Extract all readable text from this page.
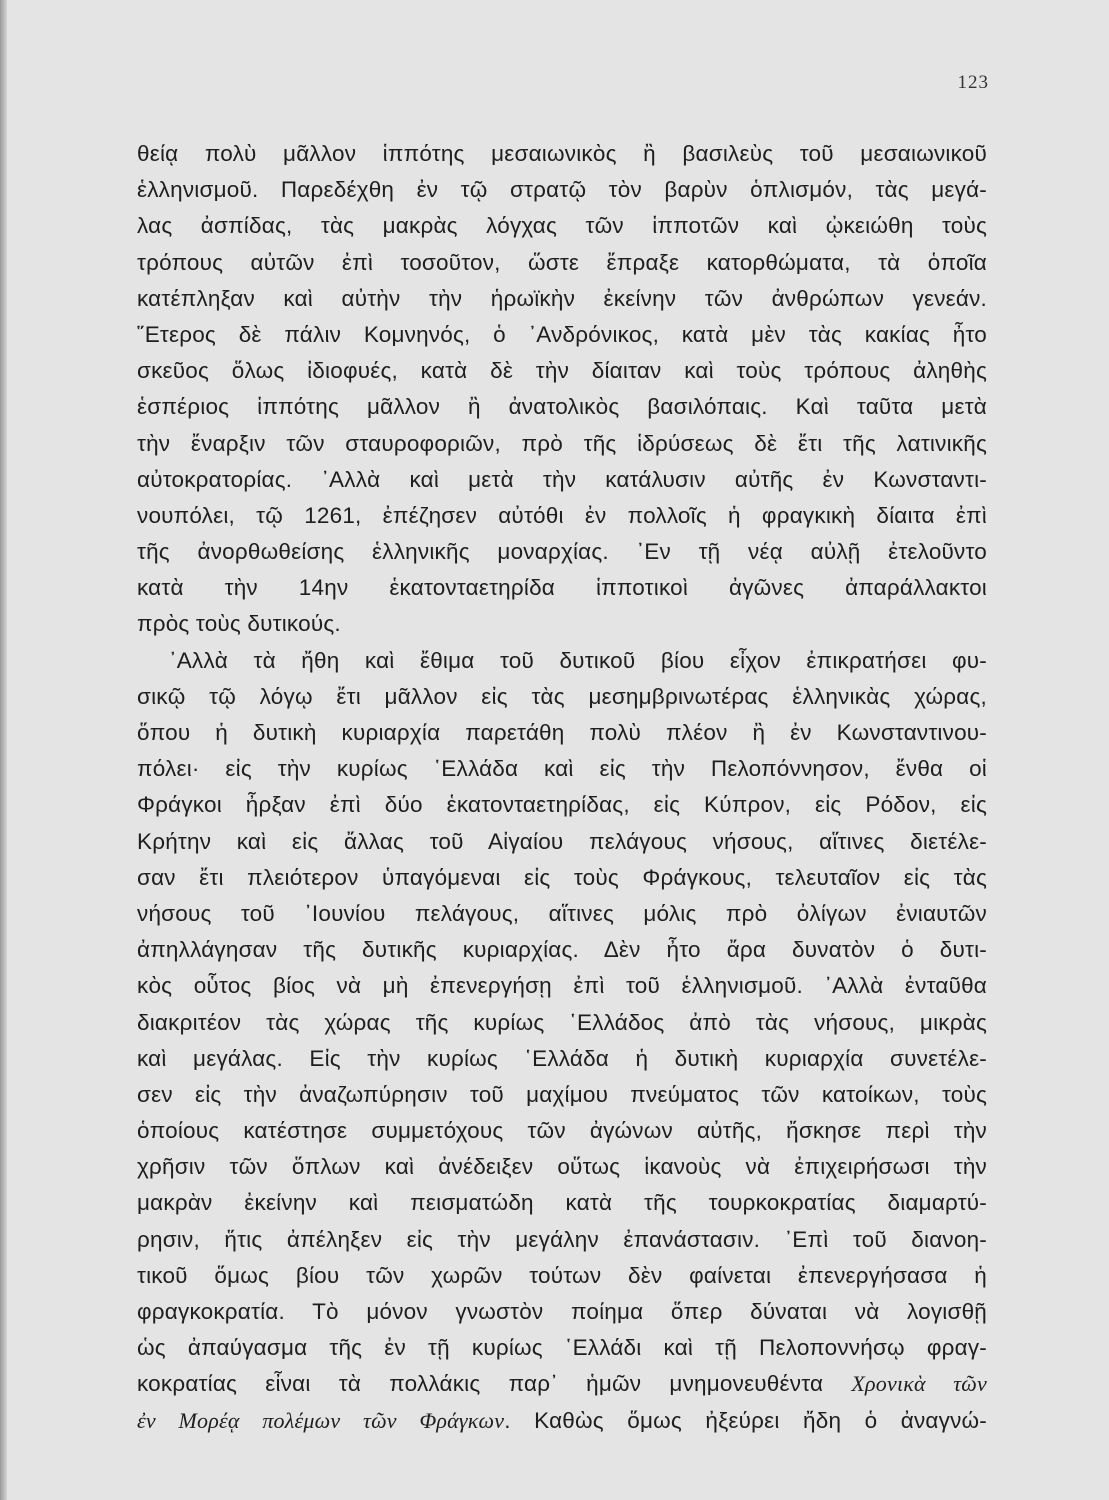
123
θείᾳ πολὺ μᾶλλον ἱππότης μεσαιωνικὸς ἢ βασιλεὺς τοῦ μεσαιωνικοῦ
ἑλληνισμοῦ. Παρεδέχθη ἐν τῷ στρατῷ τὸν βαρὺν ὁπλισμόν, τὰς μεγά-
λας ἀσπίδας, τὰς μακρὰς λόγχας τῶν ἱπποτῶν καὶ ᾠκειώθη τοὺς
τρόπους αὐτῶν ἐπὶ τοσοῦτον, ὥστε ἔπραξε κατορθώματα, τὰ ὁποῖα
κατέπληξαν καὶ αὐτὴν τὴν ἡρωϊκὴν ἐκείνην τῶν ἀνθρώπων γενεάν.
῞Ετερος δὲ πάλιν Κομνηνός, ὁ ᾿Ανδρόνικος, κατὰ μὲν τὰς κακίας ἦτο
σκεῦος ὅλως ἰδιοφυές, κατὰ δὲ τὴν δίαιταν καὶ τοὺς τρόπους ἀληθὴς
ἑσπέριος ἱππότης μᾶλλον ἢ ἀνατολικὸς βασιλόπαις. Καὶ ταῦτα μετὰ
τὴν ἔναρξιν τῶν σταυροφοριῶν, πρὸ τῆς ἱδρύσεως δὲ ἔτι τῆς λατινικῆς
αὐτοκρατορίας. ᾿Αλλὰ καὶ μετὰ τὴν κατάλυσιν αὐτῆς ἐν Κωνσταντι-
νουπόλει, τῷ 1261, ἐπέζησεν αὐτόθι ἐν πολλοῖς ἡ φραγκικὴ δίαιτα ἐπὶ
τῆς ἀνορθωθείσης ἑλληνικῆς μοναρχίας. ᾿Εν τῇ νέᾳ αὐλῇ ἐτελοῦντο
κατὰ τὴν 14ην ἑκατονταετηρίδα ἱπποτικοὶ ἀγῶνες ἀπαράλλακτοι
πρὸς τοὺς δυτικούς.
᾿Αλλὰ τὰ ἤθη καὶ ἔθιμα τοῦ δυτικοῦ βίου εἶχον ἐπικρατήσει φυ-
σικῷ τῷ λόγῳ ἔτι μᾶλλον εἰς τὰς μεσημβρινωτέρας ἑλληνικὰς χώρας,
ὅπου ἡ δυτικὴ κυριαρχία παρετάθη πολὺ πλέον ἢ ἐν Κωνσταντινου-
πόλει· εἰς τὴν κυρίως ῾Ελλάδα καὶ εἰς τὴν Πελοπόννησον, ἔνθα οἱ
Φράγκοι ἦρξαν ἐπὶ δύο ἑκατονταετηρίδας, εἰς Κύπρον, εἰς Ρόδον, εἰς
Κρήτην καὶ εἰς ἄλλας τοῦ Αἰγαίου πελάγους νήσους, αἵτινες διετέλε-
σαν ἔτι πλειότερον ὑπαγόμεναι εἰς τοὺς Φράγκους, τελευταῖον εἰς τὰς
νήσους τοῦ ᾿Ιουνίου πελάγους, αἵτινες μόλις πρὸ ὀλίγων ἐνιαυτῶν
ἀπηλλάγησαν τῆς δυτικῆς κυριαρχίας. Δὲν ἦτο ἄρα δυνατὸν ὁ δυτι-
κὸς οὗτος βίος νὰ μὴ ἐπενεργήσῃ ἐπὶ τοῦ ἑλληνισμοῦ. ᾿Αλλὰ ἐνταῦθα
διακριτέον τὰς χώρας τῆς κυρίως ῾Ελλάδος ἀπὸ τὰς νήσους, μικρὰς
καὶ μεγάλας. Εἰς τὴν κυρίως ῾Ελλάδα ἡ δυτικὴ κυριαρχία συνετέλε-
σεν εἰς τὴν ἀναζωπύρησιν τοῦ μαχίμου πνεύματος τῶν κατοίκων, τοὺς
ὁποίους κατέστησε συμμετόχους τῶν ἀγώνων αὐτῆς, ἤσκησε περὶ τὴν
χρῆσιν τῶν ὅπλων καὶ ἀνέδειξεν οὕτως ἱκανοὺς νὰ ἐπιχειρήσωσι τὴν
μακρὰν ἐκείνην καὶ πεισματώδη κατὰ τῆς τουρκοκρατίας διαμαρτύ-
ρησιν, ἥτις ἀπέληξεν εἰς τὴν μεγάλην ἐπανάστασιν. ᾿Επὶ τοῦ διανοη-
τικοῦ ὅμως βίου τῶν χωρῶν τούτων δὲν φαίνεται ἐπενεργήσασα ἡ
φραγκοκρατία. Τὸ μόνον γνωστὸν ποίημα ὅπερ δύναται νὰ λογισθῇ
ὡς ἀπαύγασμα τῆς ἐν τῇ κυρίως ῾Ελλάδι καὶ τῇ Πελοποννήσῳ φραγ-
κοκρατίας εἶναι τὰ πολλάκις παρ᾽ ἡμῶν μνημονευθέντα Χρονικὰ τῶν
ἐν Μορέᾳ πολέμων τῶν Φράγκων. Καθὼς ὅμως ἠξεύρει ἤδη ὁ ἀναγνώ-
